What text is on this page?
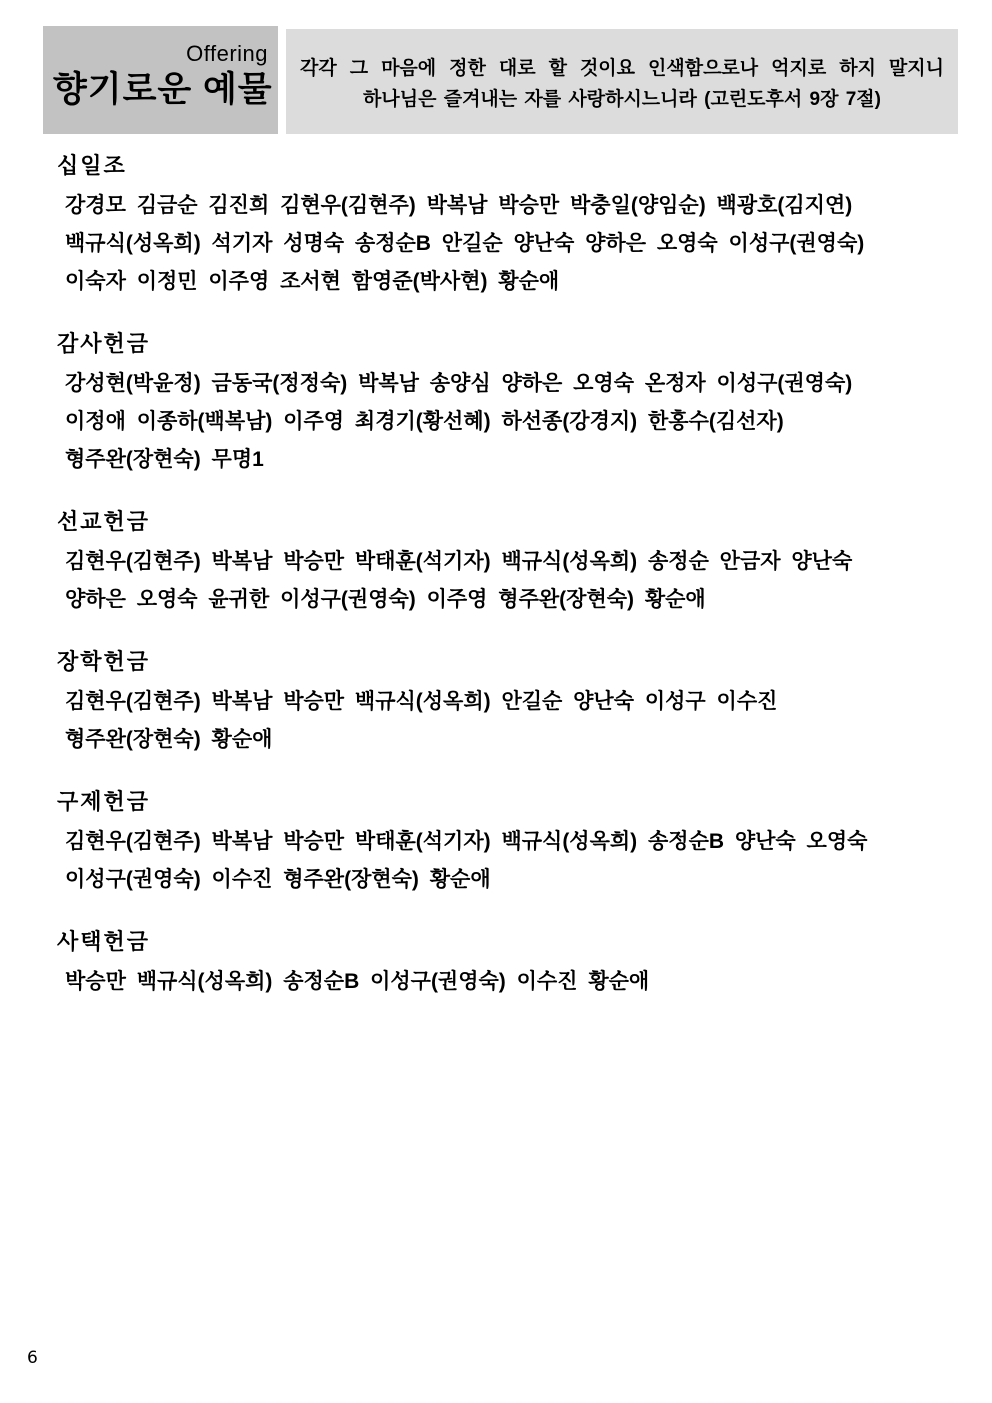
Offering
향기로운 예물
각각 그 마음에 정한 대로 할 것이요 인색함으로나 억지로 하지 말지니
하나님은 즐겨내는 자를 사랑하시느니라 (고린도후서 9장 7절)
십일조
강경모 김금순 김진희 김현우(김현주) 박복남 박승만 박충일(양임순) 백광호(김지연)
백규식(성옥희) 석기자 성명숙 송정순B 안길순 양난숙 양하은 오영숙 이성구(권영숙)
이숙자 이정민 이주영 조서현 함영준(박사현) 황순애
감사헌금
강성현(박윤정) 금동국(정정숙) 박복남 송양심 양하은 오영숙 온정자 이성구(권영숙)
이정애 이종하(백복남) 이주영 최경기(황선혜) 하선종(강경지) 한홍수(김선자)
형주완(장현숙) 무명1
선교헌금
김현우(김현주) 박복남 박승만 박태훈(석기자) 백규식(성옥희) 송정순 안금자 양난숙
양하은 오영숙 윤귀한 이성구(권영숙) 이주영 형주완(장현숙) 황순애
장학헌금
김현우(김현주) 박복남 박승만 백규식(성옥희) 안길순 양난숙 이성구 이수진
형주완(장현숙) 황순애
구제헌금
김현우(김현주) 박복남 박승만 박태훈(석기자) 백규식(성옥희) 송정순B 양난숙 오영숙
이성구(권영숙) 이수진 형주완(장현숙) 황순애
사택헌금
박승만 백규식(성옥희) 송정순B 이성구(권영숙) 이수진 황순애
6
